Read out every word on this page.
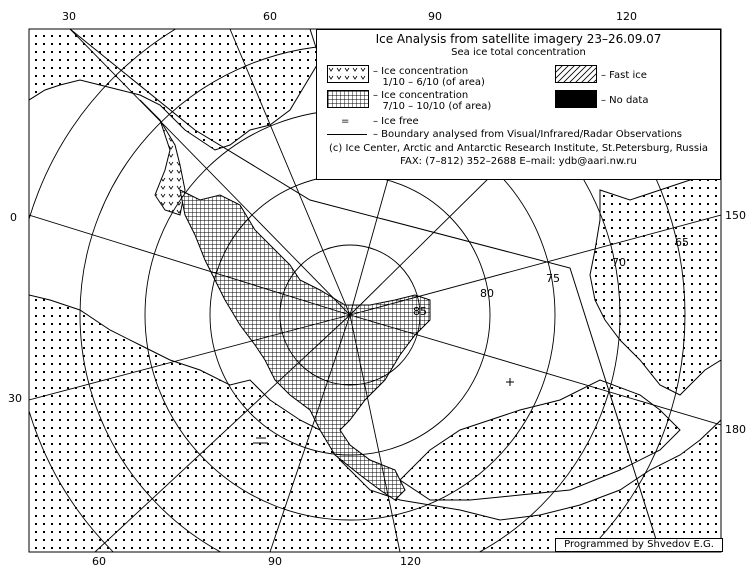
65
70
75
80
85
30	60	90	120
0
30
150
180
60	90	120
Ice Analysis from satellite imagery 23–26.09.07
Sea ice total concentration
– Ice concentration
1/10 – 6/10 (of area)
– Ice concentration
7/10 – 10/10 (of area)
= – Ice free
– Fast ice
– No data
– Boundary analysed from Visual/Infrared/Radar Observations
(c) Ice Center, Arctic and Antarctic Research Institute, St.Petersburg, Russia
FAX: (7–812) 352–2688 E–mail: ydb@aari.nw.ru
Programmed by Shvedov E.G.
